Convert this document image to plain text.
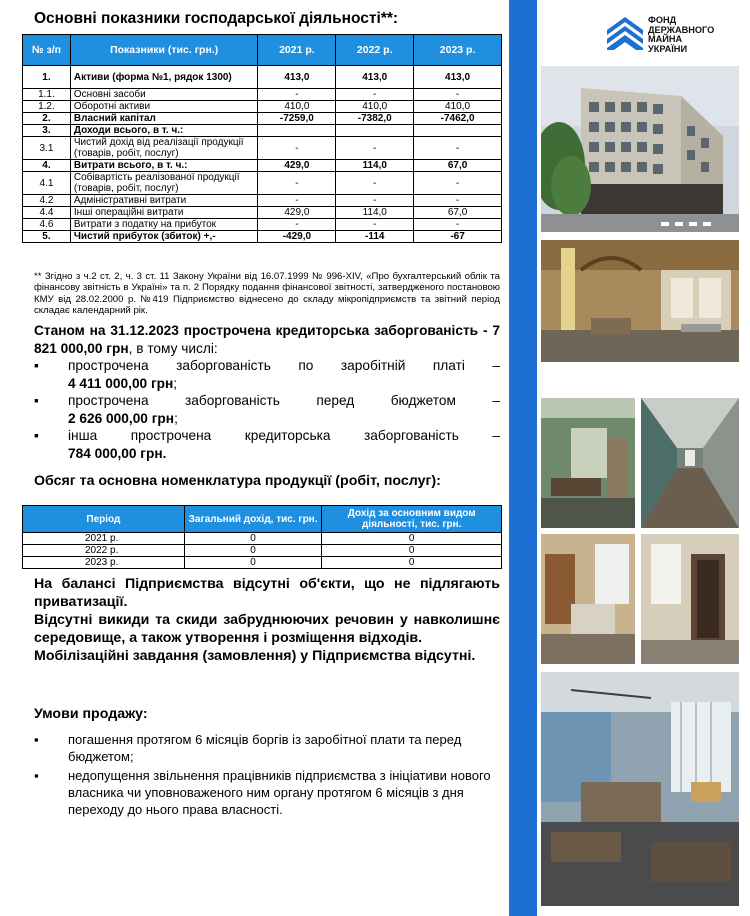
Основні показники господарської діяльності**:
№ з/п	Показники (тис. грн.)	2021 р.	2022 р.	2023 р.
1.	Активи (форма №1, рядок 1300)	413,0	413,0	413,0
1.1.	Основні засоби	-	-	-
1.2.	Оборотні активи	410,0	410,0	410,0
2.	Власний капітал	-7259,0	-7382,0	-7462,0
3.	Доходи всього, в т. ч.:			
3.1	Чистий дохід від реалізації продукції (товарів, робіт, послуг)	-	-	-
4.	Витрати всього, в т. ч.:	429,0	114,0	67,0
4.1	Собівартість реалізованої продукції (товарів, робіт, послуг)	-	-	-
4.2	Адміністративні витрати	-	-	-
4.4	Інші операційні витрати	429,0	114,0	67,0
4.6	Витрати з податку на прибуток	-	-	-
5.	Чистий прибуток (збиток) +,-	-429,0	-114	-67
** Згідно з ч.2 ст. 2, ч. 3 ст. 11 Закону України від 16.07.1999 № 996-XIV, «Про бухгалтерський облік та фінансову звітність в Україні» та п. 2 Порядку подання фінансової звітності, затвердженого постановою КМУ від 28.02.2000 р. №419 Підприємство віднесено до складу мікропідприємств та звітний період складає календарний рік.
Станом на 31.12.2023 прострочена кредиторська заборгованість - 7 821 000,00 грн, в тому числі:
▪ прострочена заборгованість по заробітній платі –
4 411 000,00 грн;
▪ прострочена	заборгованість	перед	бюджетом	–
2 626 000,00 грн;
▪ інша прострочена кредиторська заборгованість –
784 000,00 грн.
Обсяг та основна номенклатура продукції (робіт, послуг):
Період	Загальний дохід, тис. грн.	Дохід за основним видом діяльності, тис. грн.
2021 р.	0	0
2022 р.	0	0
2023 р.	0	0

На балансі Підприємства відсутні об'єкти, що не підлягають приватизації.

Відсутні викиди та скиди забруднюючих речовин у навколишнє середовище, а також утворення і розміщення відходів.

Мобілізаційні завдання (замовлення) у Підприємства відсутні.

Умови продажу:
▪ погашення протягом 6 місяців боргів із заробітної плати та перед бюджетом;
▪ недопущення звільнення працівників підприємства з ініціативи нового власника чи уповноваженого ним органу протягом 6 місяців з дня переходу до нього права власності.
ФОНД
ДЕРЖАВНОГО
МАЙНА
УКРАЇНИ
